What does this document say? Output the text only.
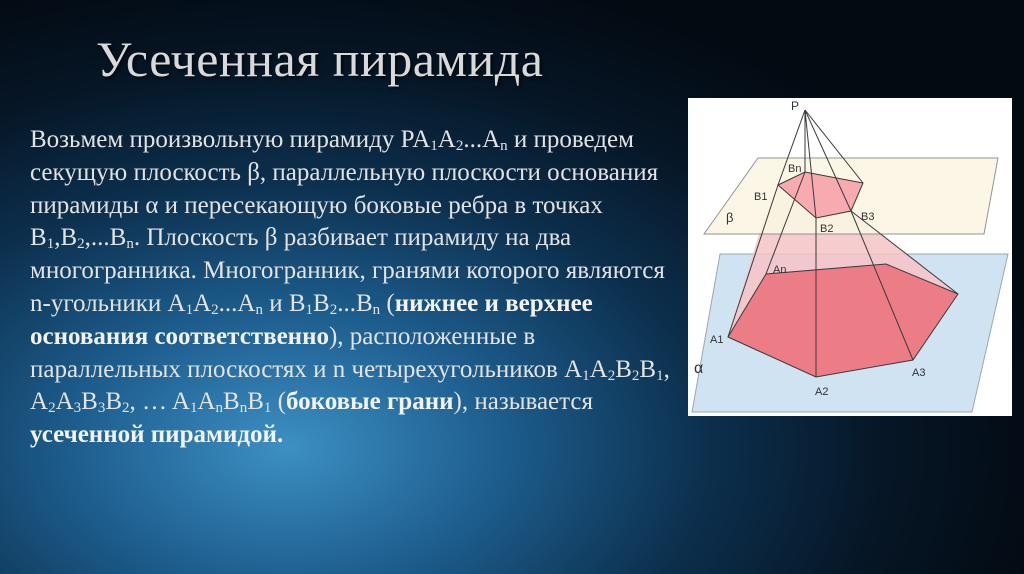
Усеченная пирамида

Возьмем произвольную пирамиду $PA_1A_2...A_n$ и проведем секущую плоскость β, параллельную плоскости основания пирамиды α и пересекающую боковые ребра в точках $B_1,B_2,...B_n$. Плоскость β разбивает пирамиду на два многогранника. Многогранник, гранями которого являются n-угольники $A_1A_2...A_n$ и $B_1B_2...B_n$ (нижнее и верхнее основания соответственно), расположенные в параллельных плоскостях и n четырехугольников $A_1A_2B_2B_1$, $A_2A_3B_3B_2$, … $A_1A_nB_nB_1$ (боковые грани), называется усеченной пирамидой.

P
Bn
B1
B2
B3
β
An
A1
A2
A3
α
